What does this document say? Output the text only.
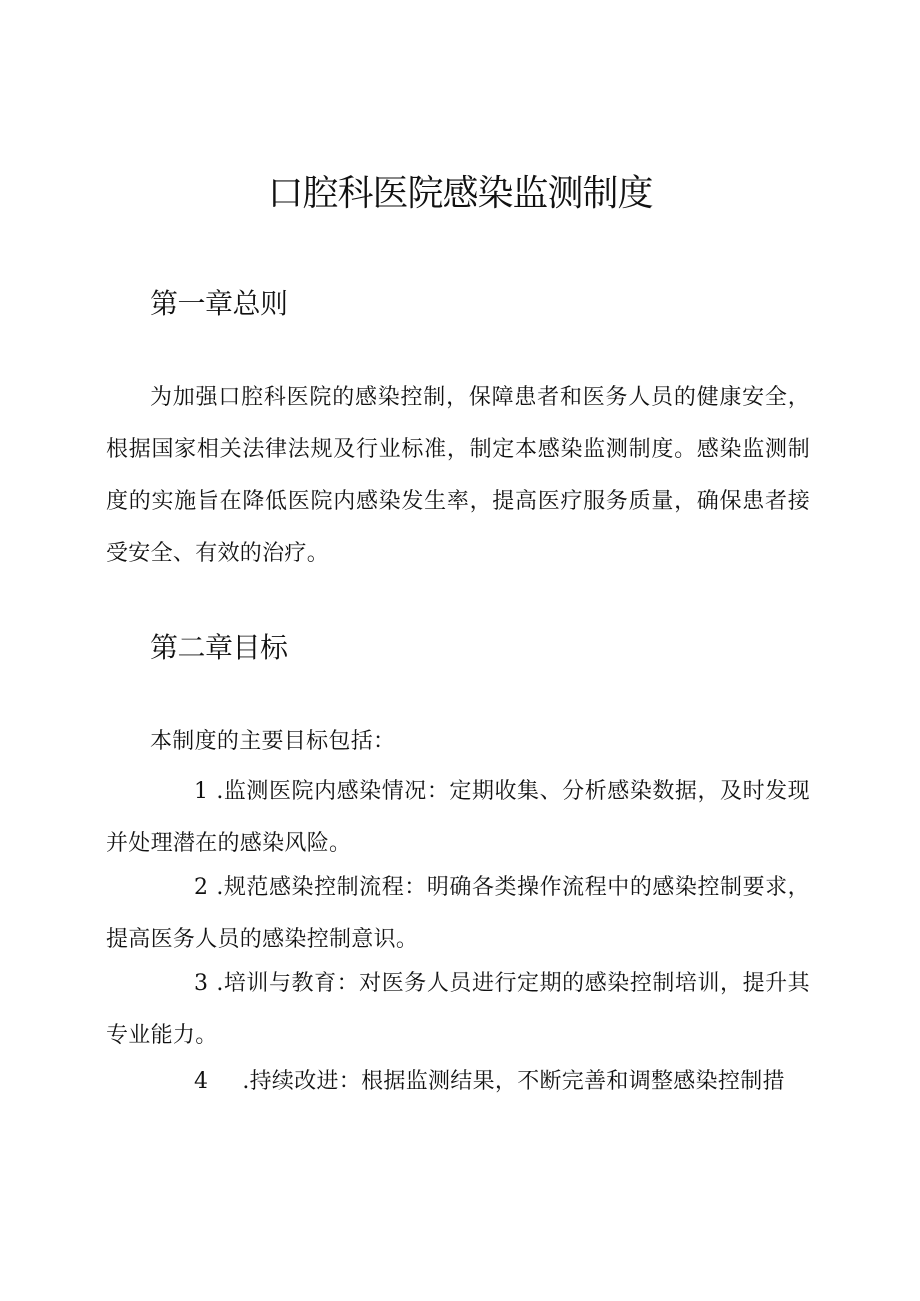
口腔科医院感染监测制度
第一章总则

为加强口腔科医院的感染控制，保障患者和医务人员的健康安全，根据国家相关法律法规及行业标准，制定本感染监测制度。感染监测制度的实施旨在降低医院内感染发生率，提高医疗服务质量，确保患者接受安全、有效的治疗。

第二章目标

本制度的主要目标包括：

1 .监测医院内感染情况：定期收集、分析感染数据，及时发现并处理潜在的感染风险。

2 .规范感染控制流程：明确各类操作流程中的感染控制要求，提高医务人员的感染控制意识。

3 .培训与教育：对医务人员进行定期的感染控制培训，提升其专业能力。

4 .持续改进：根据监测结果，不断完善和调整感染控制措
